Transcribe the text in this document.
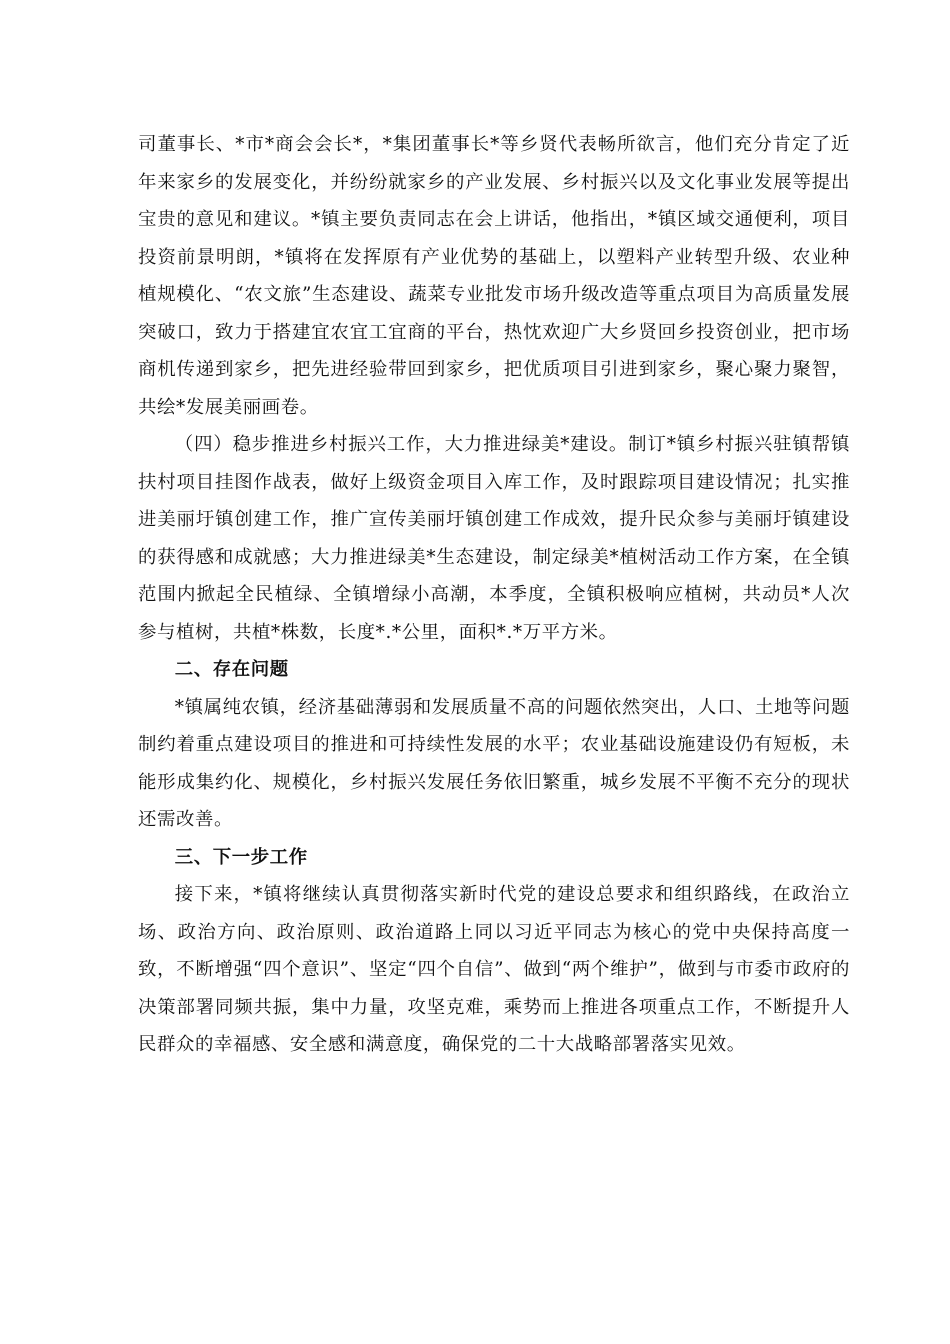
司董事长、*市*商会会长*，*集团董事长*等乡贤代表畅所欲言，他们充分肯定了近年来家乡的发展变化，并纷纷就家乡的产业发展、乡村振兴以及文化事业发展等提出宝贵的意见和建议。*镇主要负责同志在会上讲话，他指出，*镇区域交通便利，项目投资前景明朗，*镇将在发挥原有产业优势的基础上，以塑料产业转型升级、农业种植规模化、“农文旅”生态建设、蔬菜专业批发市场升级改造等重点项目为高质量发展突破口，致力于搭建宜农宜工宜商的平台，热忱欢迎广大乡贤回乡投资创业，把市场商机传递到家乡，把先进经验带回到家乡，把优质项目引进到家乡，聚心聚力聚智，共绘*发展美丽画卷。

（四）稳步推进乡村振兴工作，大力推进绿美*建设。制订*镇乡村振兴驻镇帮镇扶村项目挂图作战表，做好上级资金项目入库工作，及时跟踪项目建设情况；扎实推进美丽圩镇创建工作，推广宣传美丽圩镇创建工作成效，提升民众参与美丽圩镇建设的获得感和成就感；大力推进绿美*生态建设，制定绿美*植树活动工作方案，在全镇范围内掀起全民植绿、全镇增绿小高潮，本季度，全镇积极响应植树，共动员*人次参与植树，共植*株数，长度*.*公里，面积*.*万平方米。

二、存在问题

*镇属纯农镇，经济基础薄弱和发展质量不高的问题依然突出，人口、土地等问题制约着重点建设项目的推进和可持续性发展的水平；农业基础设施建设仍有短板，未能形成集约化、规模化，乡村振兴发展任务依旧繁重，城乡发展不平衡不充分的现状还需改善。

三、下一步工作

接下来，*镇将继续认真贯彻落实新时代党的建设总要求和组织路线，在政治立场、政治方向、政治原则、政治道路上同以习近平同志为核心的党中央保持高度一致，不断增强“四个意识”、坚定“四个自信”、做到“两个维护”，做到与市委市政府的决策部署同频共振，集中力量，攻坚克难，乘势而上推进各项重点工作，不断提升人民群众的幸福感、安全感和满意度，确保党的二十大战略部署落实见效。
